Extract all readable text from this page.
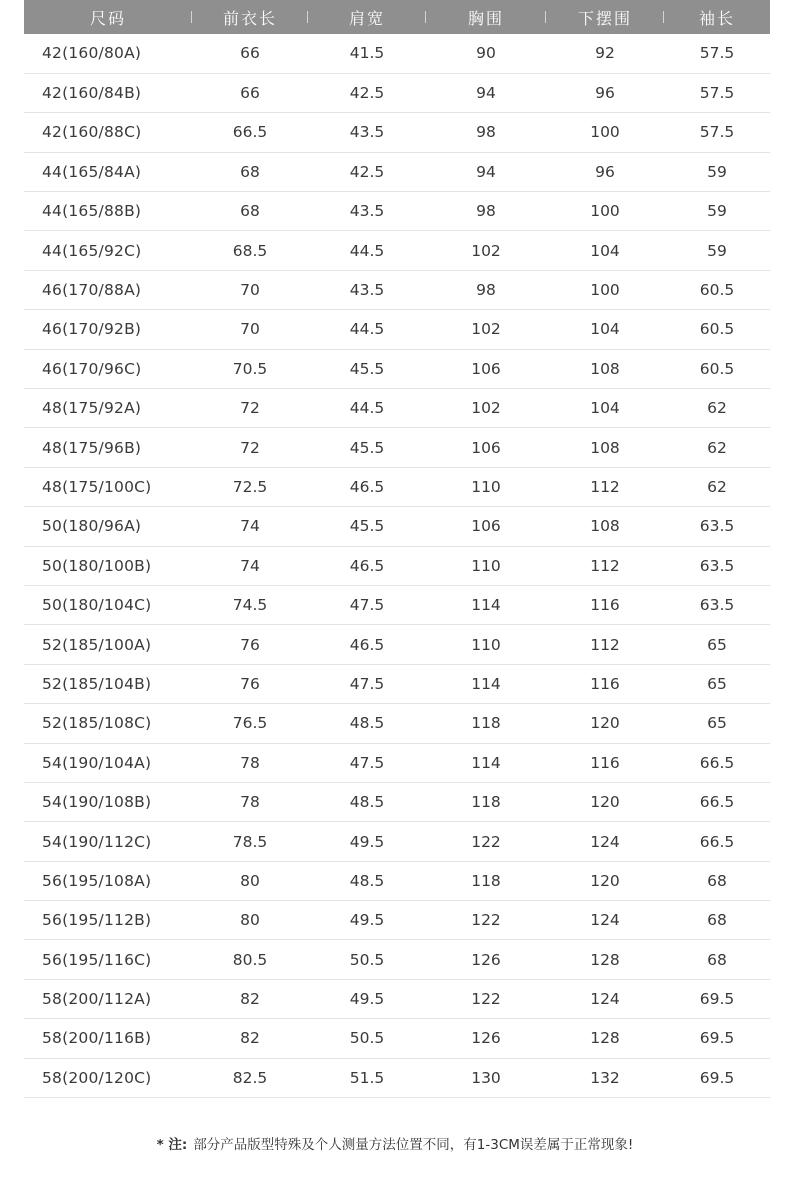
尺码	前衣长	肩宽	胸围	下摆围	袖长
42(160/80A)	66	41.5	90	92	57.5
42(160/84B)	66	42.5	94	96	57.5
42(160/88C)	66.5	43.5	98	100	57.5
44(165/84A)	68	42.5	94	96	59
44(165/88B)	68	43.5	98	100	59
44(165/92C)	68.5	44.5	102	104	59
46(170/88A)	70	43.5	98	100	60.5
46(170/92B)	70	44.5	102	104	60.5
46(170/96C)	70.5	45.5	106	108	60.5
48(175/92A)	72	44.5	102	104	62
48(175/96B)	72	45.5	106	108	62
48(175/100C)	72.5	46.5	110	112	62
50(180/96A)	74	45.5	106	108	63.5
50(180/100B)	74	46.5	110	112	63.5
50(180/104C)	74.5	47.5	114	116	63.5
52(185/100A)	76	46.5	110	112	65
52(185/104B)	76	47.5	114	116	65
52(185/108C)	76.5	48.5	118	120	65
54(190/104A)	78	47.5	114	116	66.5
54(190/108B)	78	48.5	118	120	66.5
54(190/112C)	78.5	49.5	122	124	66.5
56(195/108A)	80	48.5	118	120	68
56(195/112B)	80	49.5	122	124	68
56(195/116C)	80.5	50.5	126	128	68
58(200/112A)	82	49.5	122	124	69.5
58(200/116B)	82	50.5	126	128	69.5
58(200/120C)	82.5	51.5	130	132	69.5
* 注: 部分产品版型特殊及个人测量方法位置不同，有1-3CM误差属于正常现象!
